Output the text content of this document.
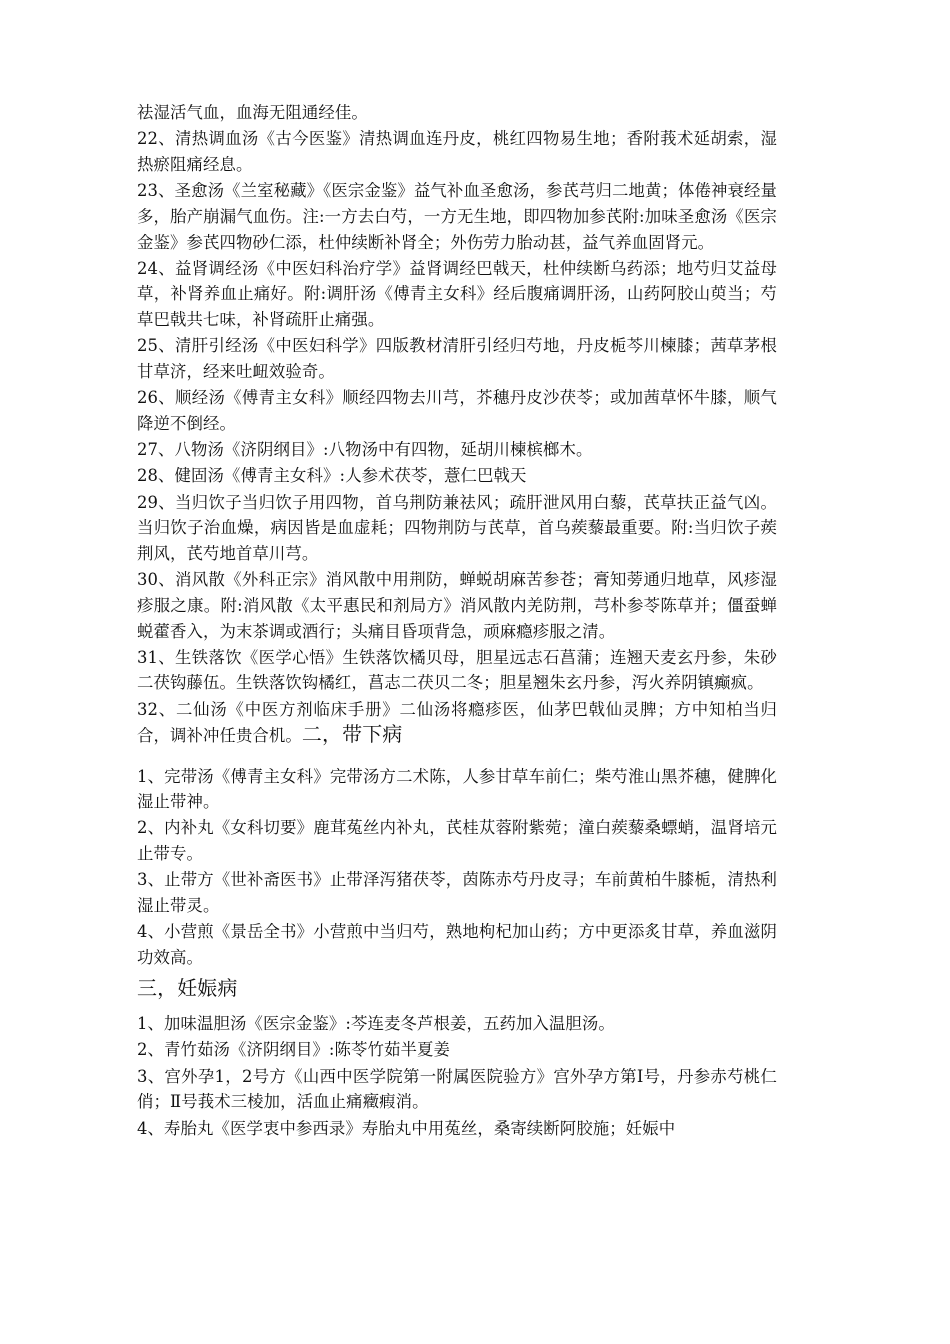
祛湿活气血，血海无阻通经佳。

22、清热调血汤《古今医鉴》清热调血连丹皮，桃红四物易生地；香附莪术延胡索，湿热瘀阻痛经息。

23、圣愈汤《兰室秘藏》《医宗金鉴》益气补血圣愈汤，参芪芎归二地黄；体倦神衰经量多，胎产崩漏气血伤。注:一方去白芍，一方无生地，即四物加参芪附:加味圣愈汤《医宗金鉴》参芪四物砂仁添，杜仲续断补肾全；外伤劳力胎动甚，益气养血固肾元。

24、益肾调经汤《中医妇科治疗学》益肾调经巴戟天，杜仲续断乌药添；地芍归艾益母草，补肾养血止痛好。附:调肝汤《傅青主女科》经后腹痛调肝汤，山药阿胶山萸当；芍草巴戟共七味，补肾疏肝止痛强。

25、清肝引经汤《中医妇科学》四版教材清肝引经归芍地，丹皮栀芩川楝膝；茜草茅根甘草济，经来吐衄效验奇。

26、顺经汤《傅青主女科》顺经四物去川芎，芥穗丹皮沙茯苓；或加茜草怀牛膝，顺气降逆不倒经。

27、八物汤《济阴纲目》:八物汤中有四物，延胡川楝槟榔木。

28、健固汤《傅青主女科》:人参术茯苓，薏仁巴戟天

29、当归饮子当归饮子用四物，首乌荆防兼祛风；疏肝泄风用白藜，芪草扶正益气凶。当归饮子治血燥，病因皆是血虚耗；四物荆防与芪草，首乌蒺藜最重要。附:当归饮子蒺荆风，芪芍地首草川芎。

30、消风散《外科正宗》消风散中用荆防，蝉蜕胡麻苦参苍；膏知蒡通归地草，风疹湿疹服之康。附:消风散《太平惠民和剂局方》消风散内羌防荆，芎朴参苓陈草并；僵蚕蝉蜕藿香入，为末茶调或酒行；头痛目昏项背急，顽麻瘾疹服之清。

31、生铁落饮《医学心悟》生铁落饮橘贝母，胆星远志石菖蒲；连翘天麦玄丹参，朱砂二茯钩藤伍。生铁落饮钩橘红，菖志二茯贝二冬；胆星翘朱玄丹参，泻火养阴镇癫疯。

32、二仙汤《中医方剂临床手册》二仙汤将瘾疹医，仙茅巴戟仙灵脾；方中知柏当归合，调补冲任贵合机。二，带下病

1、完带汤《傅青主女科》完带汤方二术陈，人参甘草车前仁；柴芍淮山黑芥穗，健脾化湿止带神。

2、内补丸《女科切要》鹿茸菟丝内补丸，芪桂苁蓉附紫菀；潼白蒺藜桑螵蛸，温肾培元止带专。

3、止带方《世补斋医书》止带泽泻猪茯苓，茵陈赤芍丹皮寻；车前黄柏牛膝栀，清热利湿止带灵。

4、小营煎《景岳全书》小营煎中当归芍，熟地枸杞加山药；方中更添炙甘草，养血滋阴功效高。

三，妊娠病

1、加味温胆汤《医宗金鉴》:芩连麦冬芦根姜，五药加入温胆汤。

2、青竹茹汤《济阴纲目》:陈苓竹茹半夏姜

3、宫外孕1，2号方《山西中医学院第一附属医院验方》宫外孕方第Ⅰ号，丹参赤芍桃仁俏；Ⅱ号莪术三棱加，活血止痛癥瘕消。

4、寿胎丸《医学衷中参西录》寿胎丸中用菟丝，桑寄续断阿胶施；妊娠中
